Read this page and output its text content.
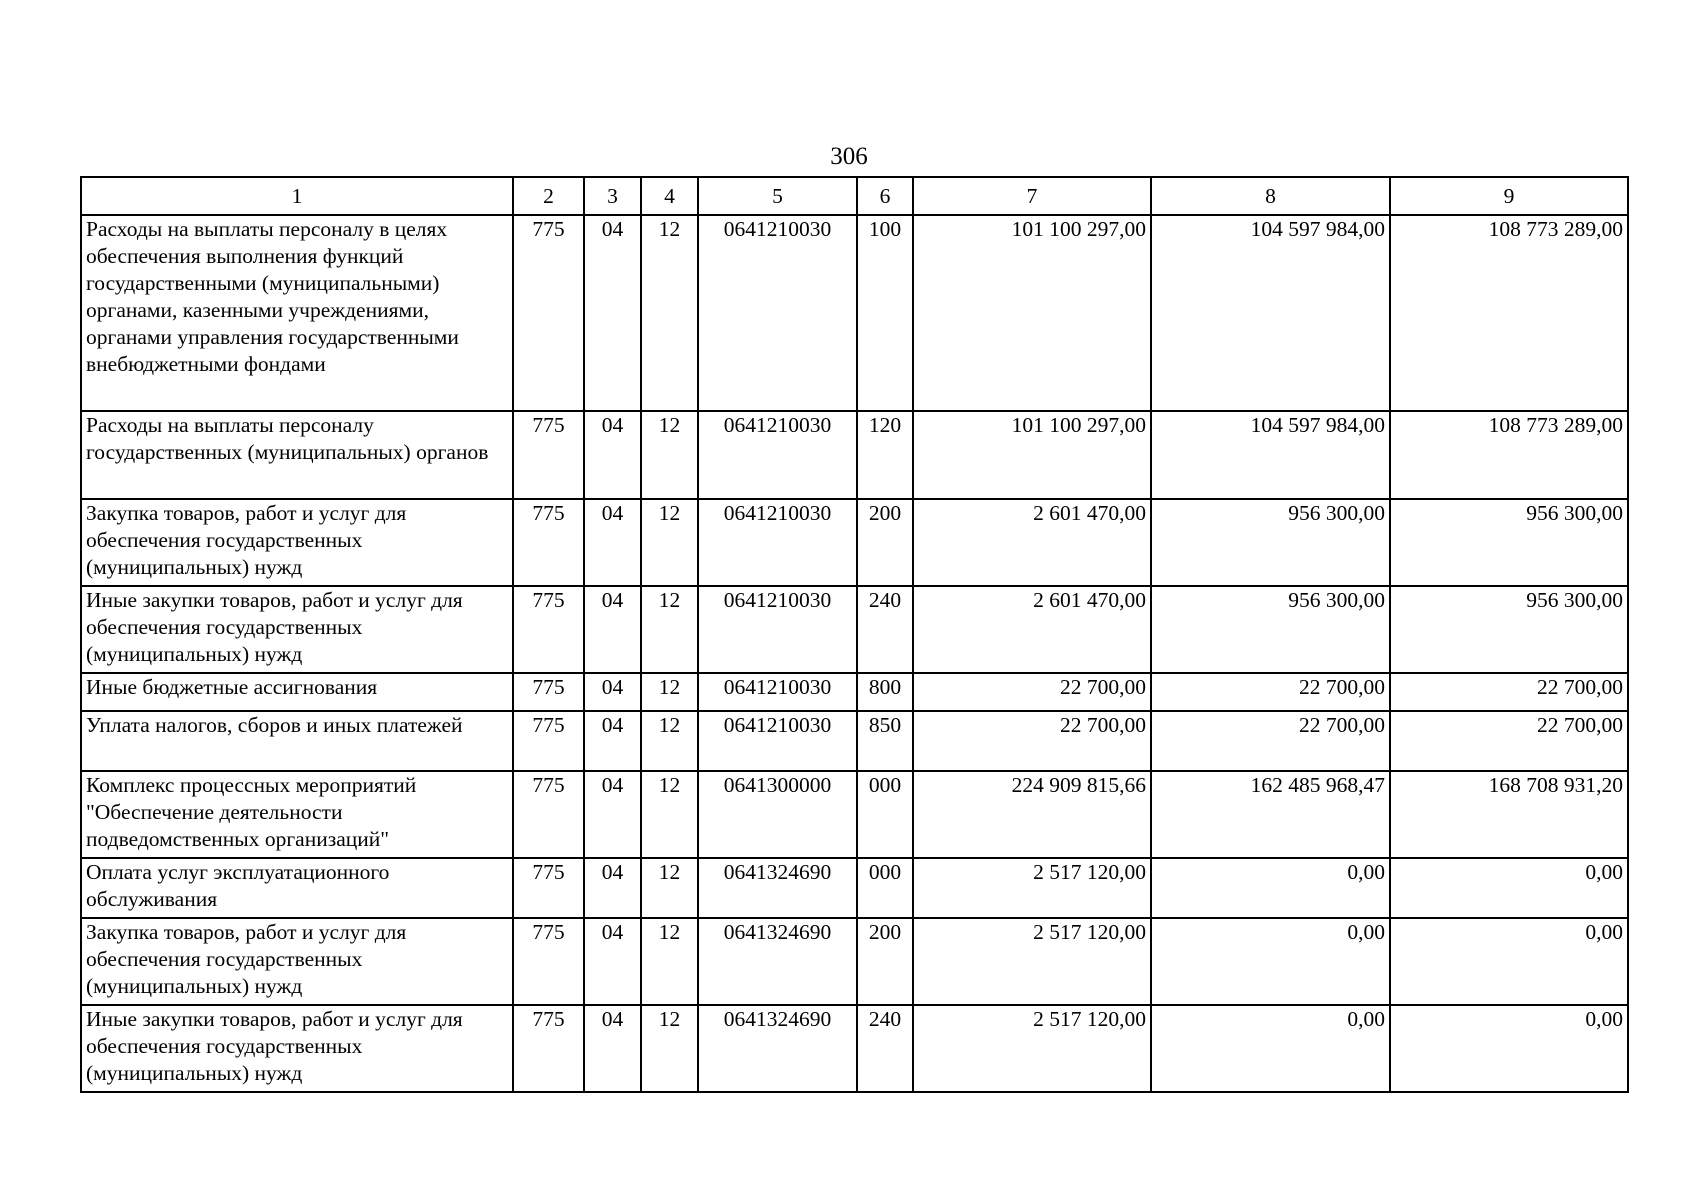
306
1	2	3	4	5	6	7	8	9
Расходы на выплаты персоналу в целях обеспечения выполнения функций государственными (муниципальными) органами, казенными учреждениями, органами управления государственными внебюджетными фондами	775	04	12	0641210030	100	101 100 297,00	104 597 984,00	108 773 289,00
Расходы на выплаты персоналу государственных (муниципальных) органов	775	04	12	0641210030	120	101 100 297,00	104 597 984,00	108 773 289,00
Закупка товаров, работ и услуг для обеспечения государственных (муниципальных) нужд	775	04	12	0641210030	200	2 601 470,00	956 300,00	956 300,00
Иные закупки товаров, работ и услуг для обеспечения государственных (муниципальных) нужд	775	04	12	0641210030	240	2 601 470,00	956 300,00	956 300,00
Иные бюджетные ассигнования	775	04	12	0641210030	800	22 700,00	22 700,00	22 700,00
Уплата налогов, сборов и иных платежей	775	04	12	0641210030	850	22 700,00	22 700,00	22 700,00
Комплекс процессных мероприятий "Обеспечение деятельности подведомственных организаций"	775	04	12	0641300000	000	224 909 815,66	162 485 968,47	168 708 931,20
Оплата услуг эксплуатационного обслуживания	775	04	12	0641324690	000	2 517 120,00	0,00	0,00
Закупка товаров, работ и услуг для обеспечения государственных (муниципальных) нужд	775	04	12	0641324690	200	2 517 120,00	0,00	0,00
Иные закупки товаров, работ и услуг для обеспечения государственных (муниципальных) нужд	775	04	12	0641324690	240	2 517 120,00	0,00	0,00
